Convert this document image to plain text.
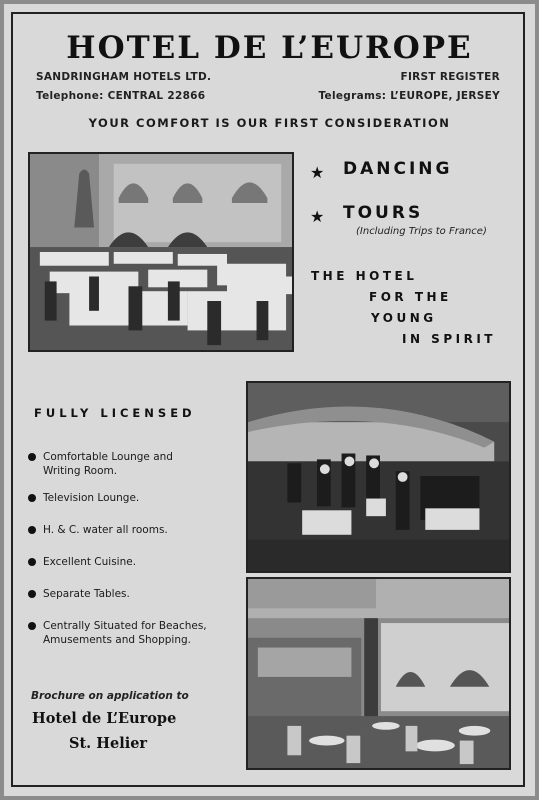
HOTEL DE L’EUROPE
SANDRINGHAM HOTELS LTD.	FIRST REGISTER
Telephone: CENTRAL 22866	Telegrams: L’EUROPE, JERSEY
YOUR COMFORT IS OUR FIRST CONSIDERATION
★ DANCING
★ TOURS
(Including Trips to France)
THE HOTEL
FOR THE
YOUNG
IN SPIRIT
FULLY LICENSED
Comfortable Lounge and
Writing Room.
Television Lounge.
H. & C. water all rooms.
Excellent Cuisine.
Separate Tables.
Centrally Situated for Beaches,
Amusements and Shopping.
Brochure on application to
Hotel de L’Europe
St. Helier
